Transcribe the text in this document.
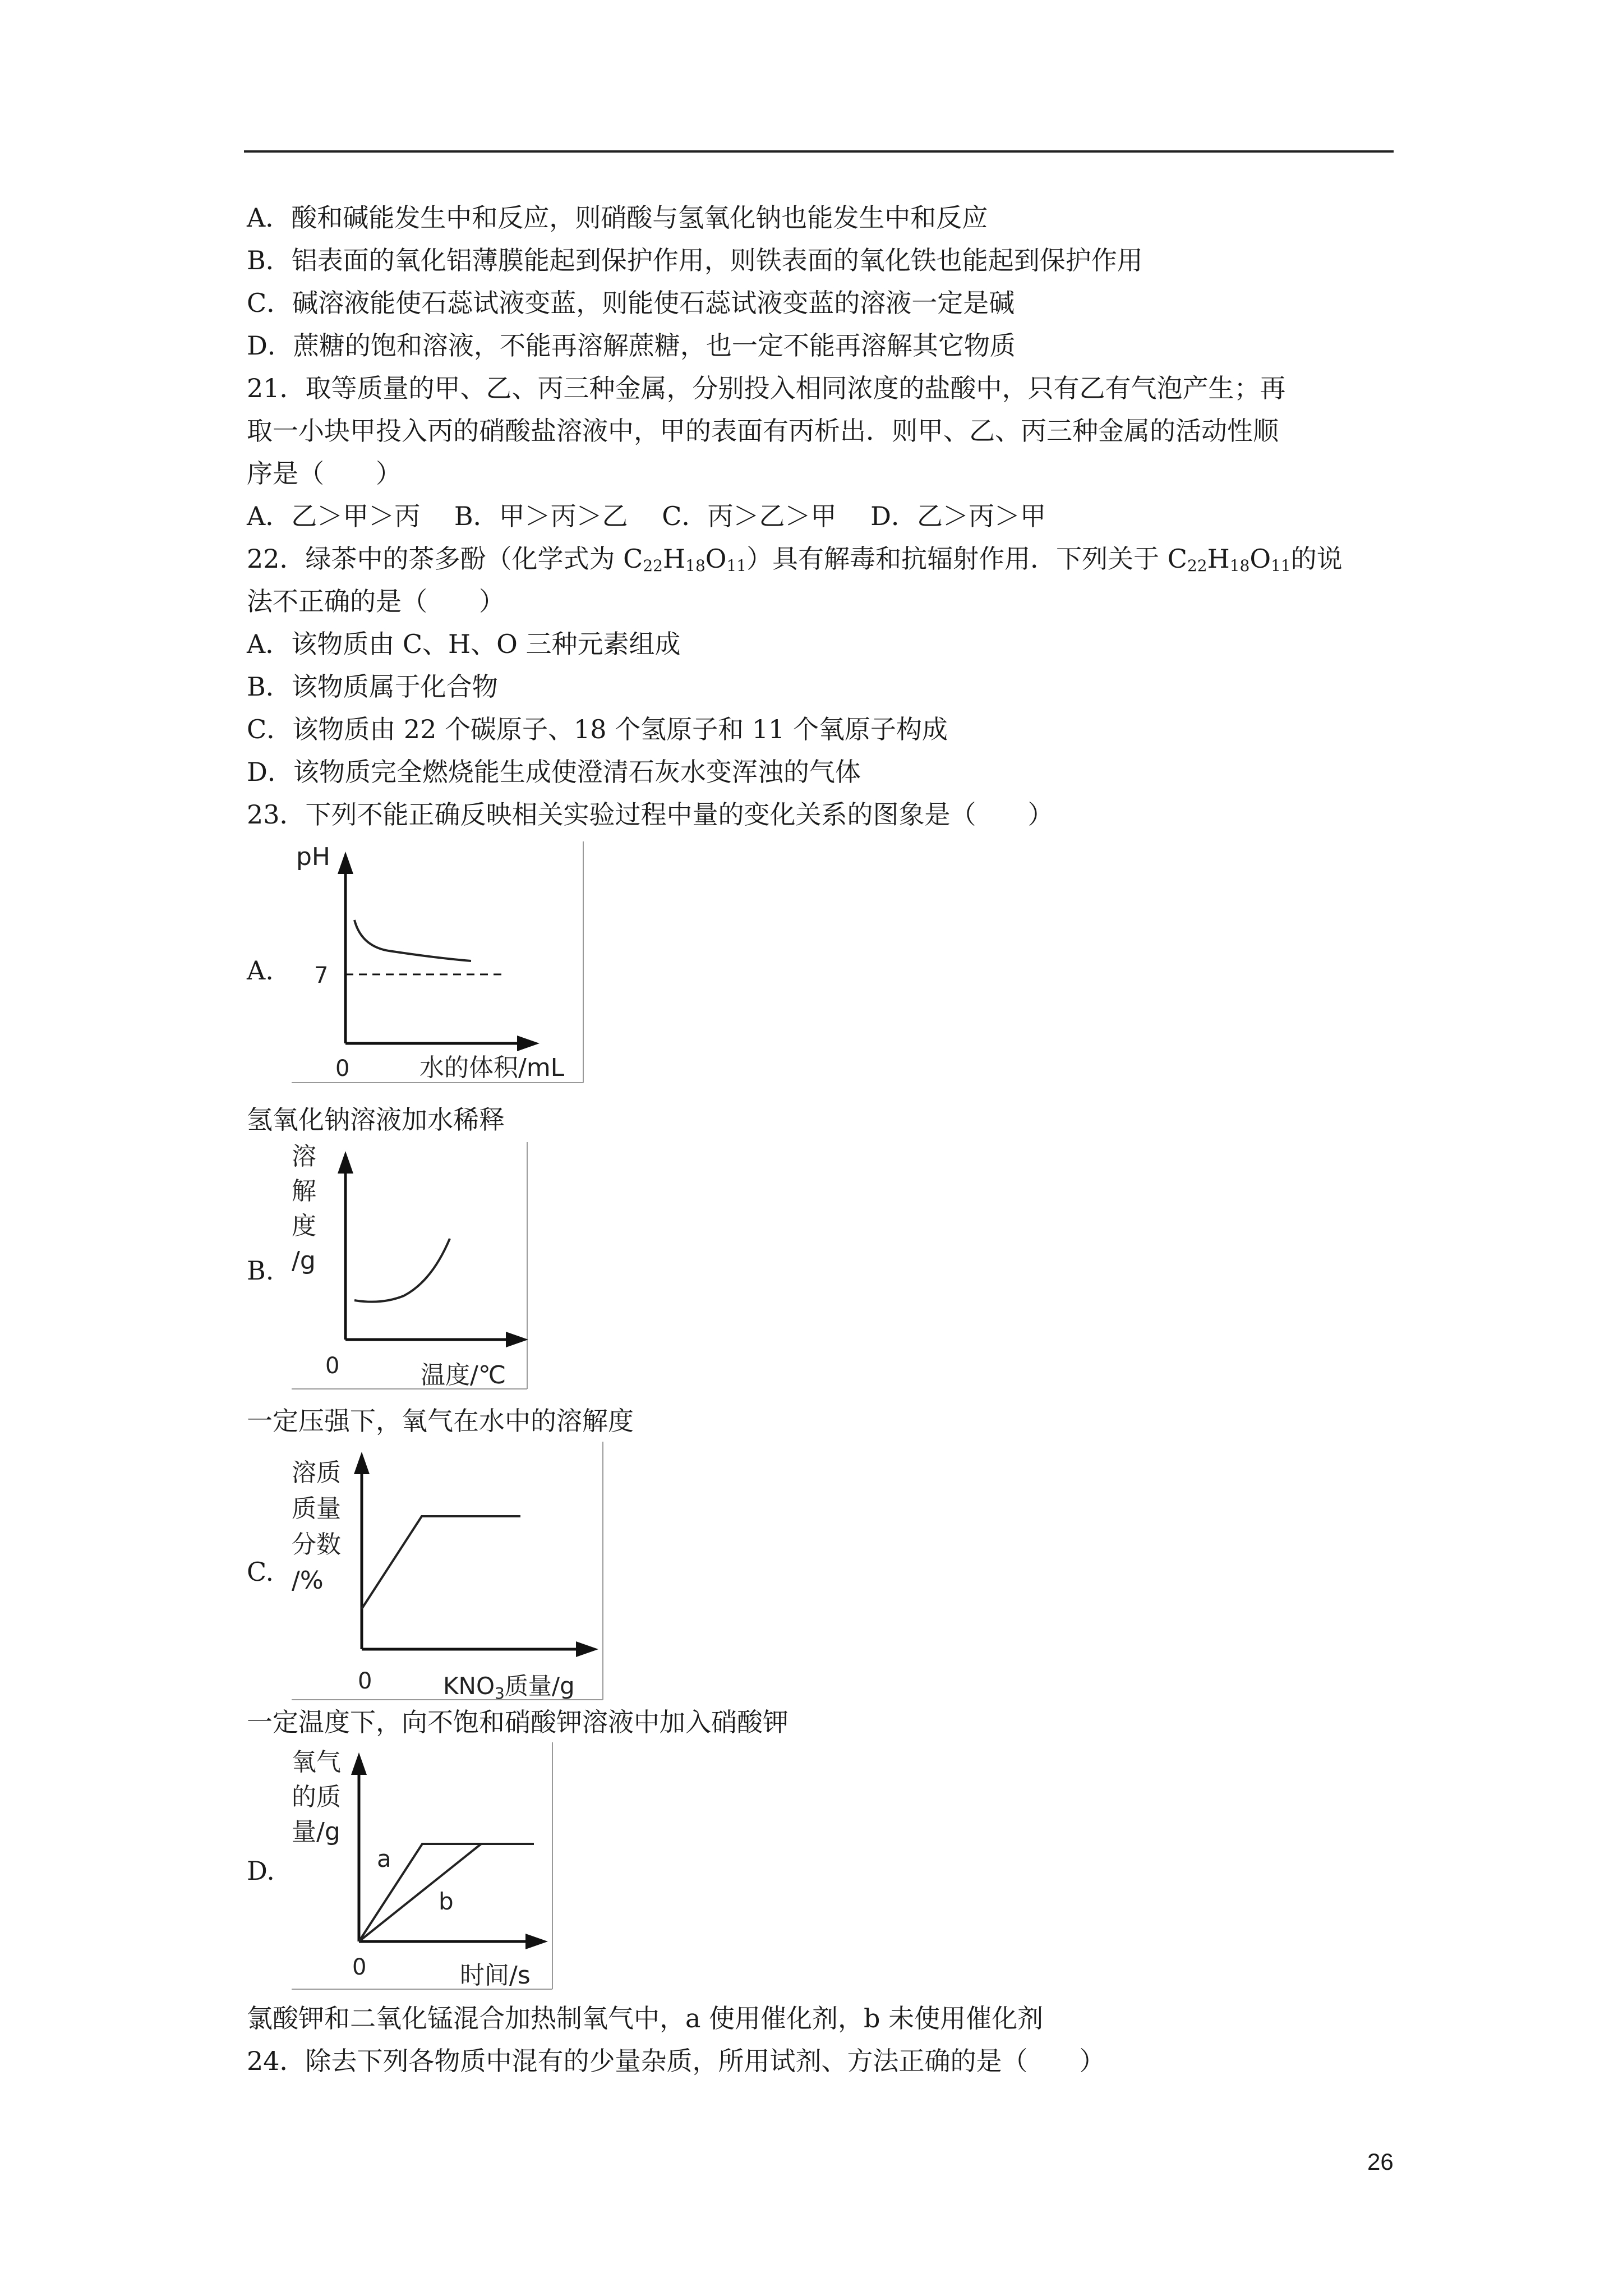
A．酸和碱能发生中和反应，则硝酸与氢氧化钠也能发生中和反应
B．铝表面的氧化铝薄膜能起到保护作用，则铁表面的氧化铁也能起到保护作用
C．碱溶液能使石蕊试液变蓝，则能使石蕊试液变蓝的溶液一定是碱
D．蔗糖的饱和溶液，不能再溶解蔗糖，也一定不能再溶解其它物质
21．取等质量的甲、乙、丙三种金属，分别投入相同浓度的盐酸中，只有乙有气泡产生；再
取一小块甲投入丙的硝酸盐溶液中，甲的表面有丙析出．则甲、乙、丙三种金属的活动性顺
序是（　　）
A．乙＞甲＞丙　 B．甲＞丙＞乙　 C．丙＞乙＞甲　 D．乙＞丙＞甲
22．绿茶中的茶多酚（化学式为 $C_{22}H_{18}O_{11}$）具有解毒和抗辐射作用．下列关于 $C_{22}H_{18}O_{11}$的说
法不正确的是（　　）
A．该物质由 C、H、O 三种元素组成
B．该物质属于化合物
C．该物质由 22 个碳原子、18 个氢原子和 11 个氧原子构成
D．该物质完全燃烧能生成使澄清石灰水变浑浊的气体
23．下列不能正确反映相关实验过程中量的变化关系的图象是（　　）
A.
pH
7
0	水的体积/mL
氢氧化钠溶液加水稀释
B.
溶
解
度
/g
0	温度/℃
一定压强下，氧气在水中的溶解度
C.
溶质
质量
分数
/%
0	KNO3质量/g
一定温度下，向不饱和硝酸钾溶液中加入硝酸钾
D.
氧气
的质
量/g
a
b
0	时间/s
氯酸钾和二氧化锰混合加热制氧气中，a 使用催化剂，b 未使用催化剂
24．除去下列各物质中混有的少量杂质，所用试剂、方法正确的是（　　）
26
